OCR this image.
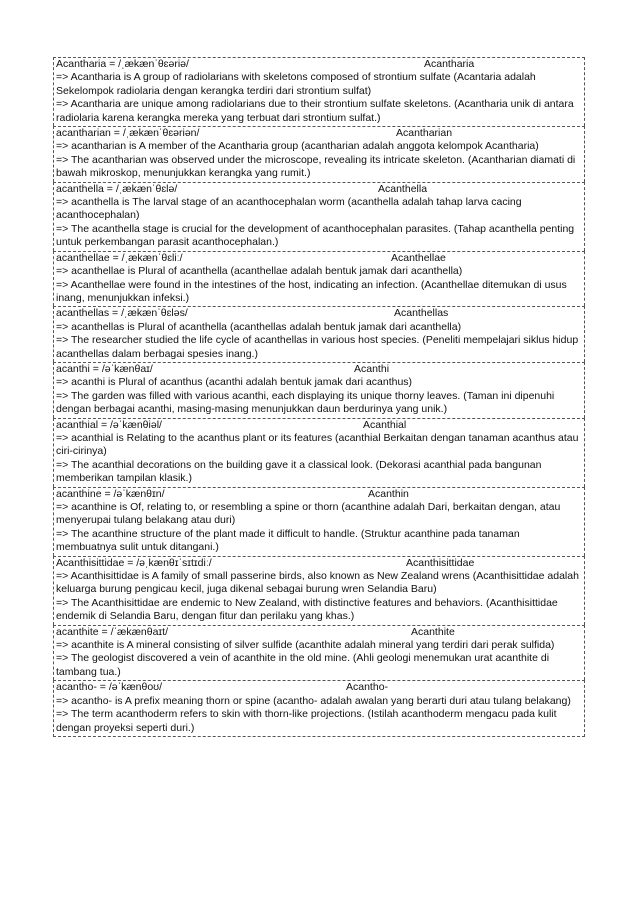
Acantharia = /ˌækænˈθɛəriə/	Acantharia
=> Acantharia is A group of radiolarians with skeletons composed of strontium sulfate (Acantaria adalah Sekelompok radiolaria dengan kerangka terdiri dari strontium sulfat)
=> Acantharia are unique among radiolarians due to their strontium sulfate skeletons. (Acantharia unik di antara radiolaria karena kerangka mereka yang terbuat dari strontium sulfat.)
acantharian = /ˌækænˈθɛəriən/	Acantharian
=> acantharian is A member of the Acantharia group (acantharian adalah anggota kelompok Acantharia)
=> The acantharian was observed under the microscope, revealing its intricate skeleton. (Acantharian diamati di bawah mikroskop, menunjukkan kerangka yang rumit.)
acanthella = /ˌækænˈθɛlə/	Acanthella
=> acanthella is The larval stage of an acanthocephalan worm (acanthella adalah tahap larva cacing acanthocephalan)
=> The acanthella stage is crucial for the development of acanthocephalan parasites. (Tahap acanthella penting untuk perkembangan parasit acanthocephalan.)
acanthellae = /ˌækænˈθɛliː/	Acanthellae
=> acanthellae is Plural of acanthella (acanthellae adalah bentuk jamak dari acanthella)
=> Acanthellae were found in the intestines of the host, indicating an infection. (Acanthellae ditemukan di usus inang, menunjukkan infeksi.)
acanthellas = /ˌækænˈθɛləs/	Acanthellas
=> acanthellas is Plural of acanthella (acanthellas adalah bentuk jamak dari acanthella)
=> The researcher studied the life cycle of acanthellas in various host species. (Peneliti mempelajari siklus hidup acanthellas dalam berbagai spesies inang.)
acanthi = /əˈkænθaɪ/	Acanthi
=> acanthi is Plural of acanthus (acanthi adalah bentuk jamak dari acanthus)
=> The garden was filled with various acanthi, each displaying its unique thorny leaves. (Taman ini dipenuhi dengan berbagai acanthi, masing-masing menunjukkan daun berdurinya yang unik.)
acanthial = /əˈkænθiəl/	Acanthial
=> acanthial is Relating to the acanthus plant or its features (acanthial Berkaitan dengan tanaman acanthus atau ciri-cirinya)
=> The acanthial decorations on the building gave it a classical look. (Dekorasi acanthial pada bangunan memberikan tampilan klasik.)
acanthine = /əˈkænθɪn/	Acanthin
=> acanthine is Of, relating to, or resembling a spine or thorn (acanthine adalah Dari, berkaitan dengan, atau menyerupai tulang belakang atau duri)
=> The acanthine structure of the plant made it difficult to handle. (Struktur acanthine pada tanaman membuatnya sulit untuk ditangani.)
Acanthisittidae = /əˌkænθɪˈsɪtɪdiː/	Acanthisittidae
=> Acanthisittidae is A family of small passerine birds, also known as New Zealand wrens (Acanthisittidae adalah keluarga burung pengicau kecil, juga dikenal sebagai burung wren Selandia Baru)
=> The Acanthisittidae are endemic to New Zealand, with distinctive features and behaviors. (Acanthisittidae endemik di Selandia Baru, dengan fitur dan perilaku yang khas.)
acanthite = /ˈækænθaɪt/	Acanthite
=> acanthite is A mineral consisting of silver sulfide (acanthite adalah mineral yang terdiri dari perak sulfida)
=> The geologist discovered a vein of acanthite in the old mine. (Ahli geologi menemukan urat acanthite di tambang tua.)
acantho- = /əˈkænθoʊ/	Acantho-
=> acantho- is A prefix meaning thorn or spine (acantho- adalah awalan yang berarti duri atau tulang belakang)
=> The term acanthoderm refers to skin with thorn-like projections. (Istilah acanthoderm mengacu pada kulit dengan proyeksi seperti duri.)
